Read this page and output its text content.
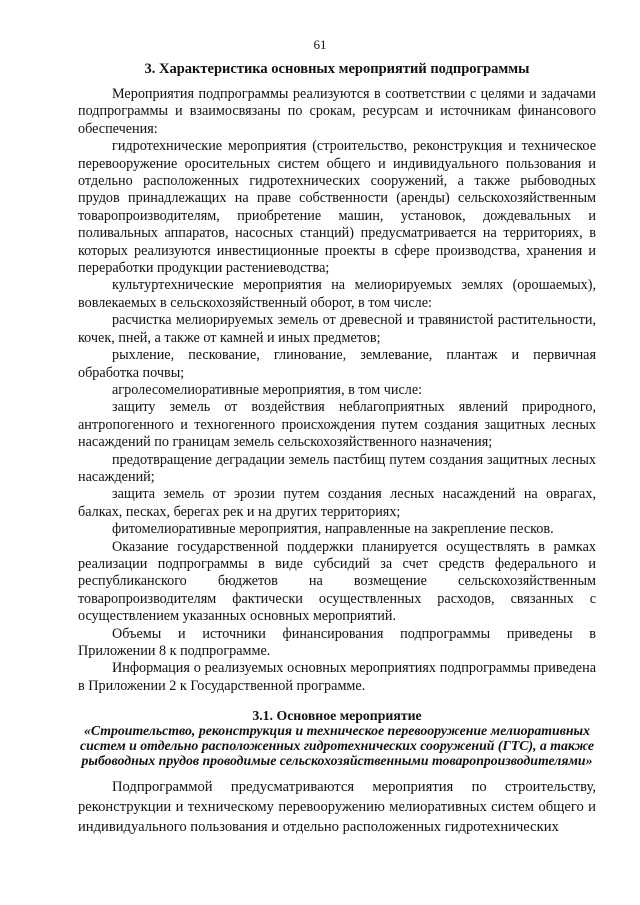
61
3. Характеристика основных мероприятий подпрограммы

Мероприятия подпрограммы реализуются в соответствии с целями и задачами подпрограммы и взаимосвязаны по срокам, ресурсам и источникам финансового обеспечения:

гидротехнические мероприятия (строительство, реконструкция и техническое перевооружение оросительных систем общего и индивидуального пользования и отдельно расположенных гидротехнических сооружений, а также рыбоводных прудов принадлежащих на праве собственности (аренды) сельскохозяйственным товаропроизводителям, приобретение машин, установок, дождевальных и поливальных аппаратов, насосных станций) предусматривается на территориях, в которых реализуются инвестиционные проекты в сфере производства, хранения и переработки продукции растениеводства;

культуртехнические мероприятия на мелиорируемых землях (орошаемых), вовлекаемых в сельскохозяйственный оборот, в том числе:

расчистка мелиорируемых земель от древесной и травянистой растительности, кочек, пней, а также от камней и иных предметов;

рыхление, пескование, глинование, землевание, плантаж и первичная обработка почвы;

агролесомелиоративные мероприятия, в том числе:

защиту земель от воздействия неблагоприятных явлений природного, антропогенного и техногенного происхождения путем создания защитных лесных насаждений по границам земель сельскохозяйственного назначения;

предотвращение деградации земель пастбищ путем создания защитных лесных насаждений;

защита земель от эрозии путем создания лесных насаждений на оврагах, балках, песках, берегах рек и на других территориях;

фитомелиоративные мероприятия, направленные на закрепление песков.

Оказание государственной поддержки планируется осуществлять в рамках реализации подпрограммы в виде субсидий за счет средств федерального и республиканского бюджетов на возмещение сельскохозяйственным товаропроизводителям фактически осуществленных расходов, связанных с осуществлением указанных основных мероприятий.

Объемы и источники финансирования подпрограммы приведены в Приложении 8 к подпрограмме.

Информация о реализуемых основных мероприятиях подпрограммы приведена в Приложении 2 к Государственной программе.

3.1. Основное мероприятие
«Строительство, реконструкция и техническое перевооружение мелиоративных систем и отдельно расположенных гидротехнических сооружений (ГТС), а также рыбоводных прудов проводимые сельскохозяйственными товаропроизводителями»

Подпрограммой предусматриваются мероприятия по строительству, реконструкции и техническому перевооружению мелиоративных систем общего и индивидуального пользования и отдельно расположенных гидротехнических
